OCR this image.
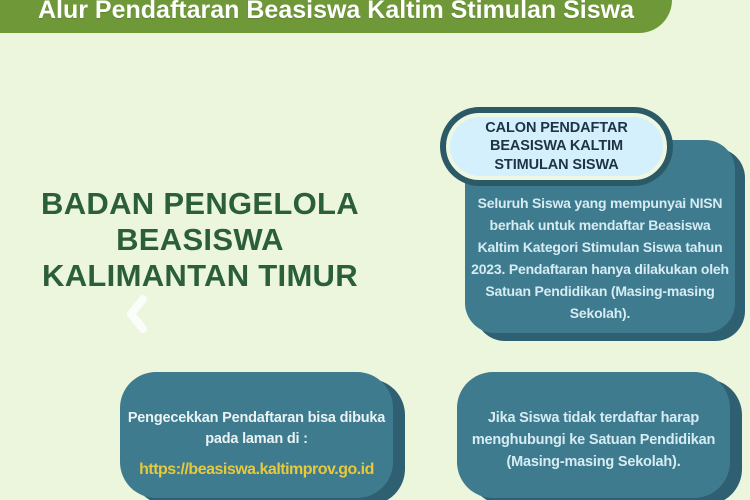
Alur Pendaftaran Beasiswa Kaltim Stimulan Siswa
BADAN PENGELOLA
BEASISWA
KALIMANTAN TIMUR
Seluruh Siswa yang mempunyai NISN
berhak untuk mendaftar Beasiswa
Kaltim Kategori Stimulan Siswa tahun
2023. Pendaftaran hanya dilakukan oleh
Satuan Pendidikan (Masing-masing
Sekolah).
CALON PENDAFTAR
BEASISWA KALTIM
STIMULAN SISWA
Pengecekkan Pendaftaran bisa dibuka
pada laman di :
https://beasiswa.kaltimprov.go.id
Jika Siswa tidak terdaftar harap
menghubungi ke Satuan Pendidikan
(Masing-masing Sekolah).
